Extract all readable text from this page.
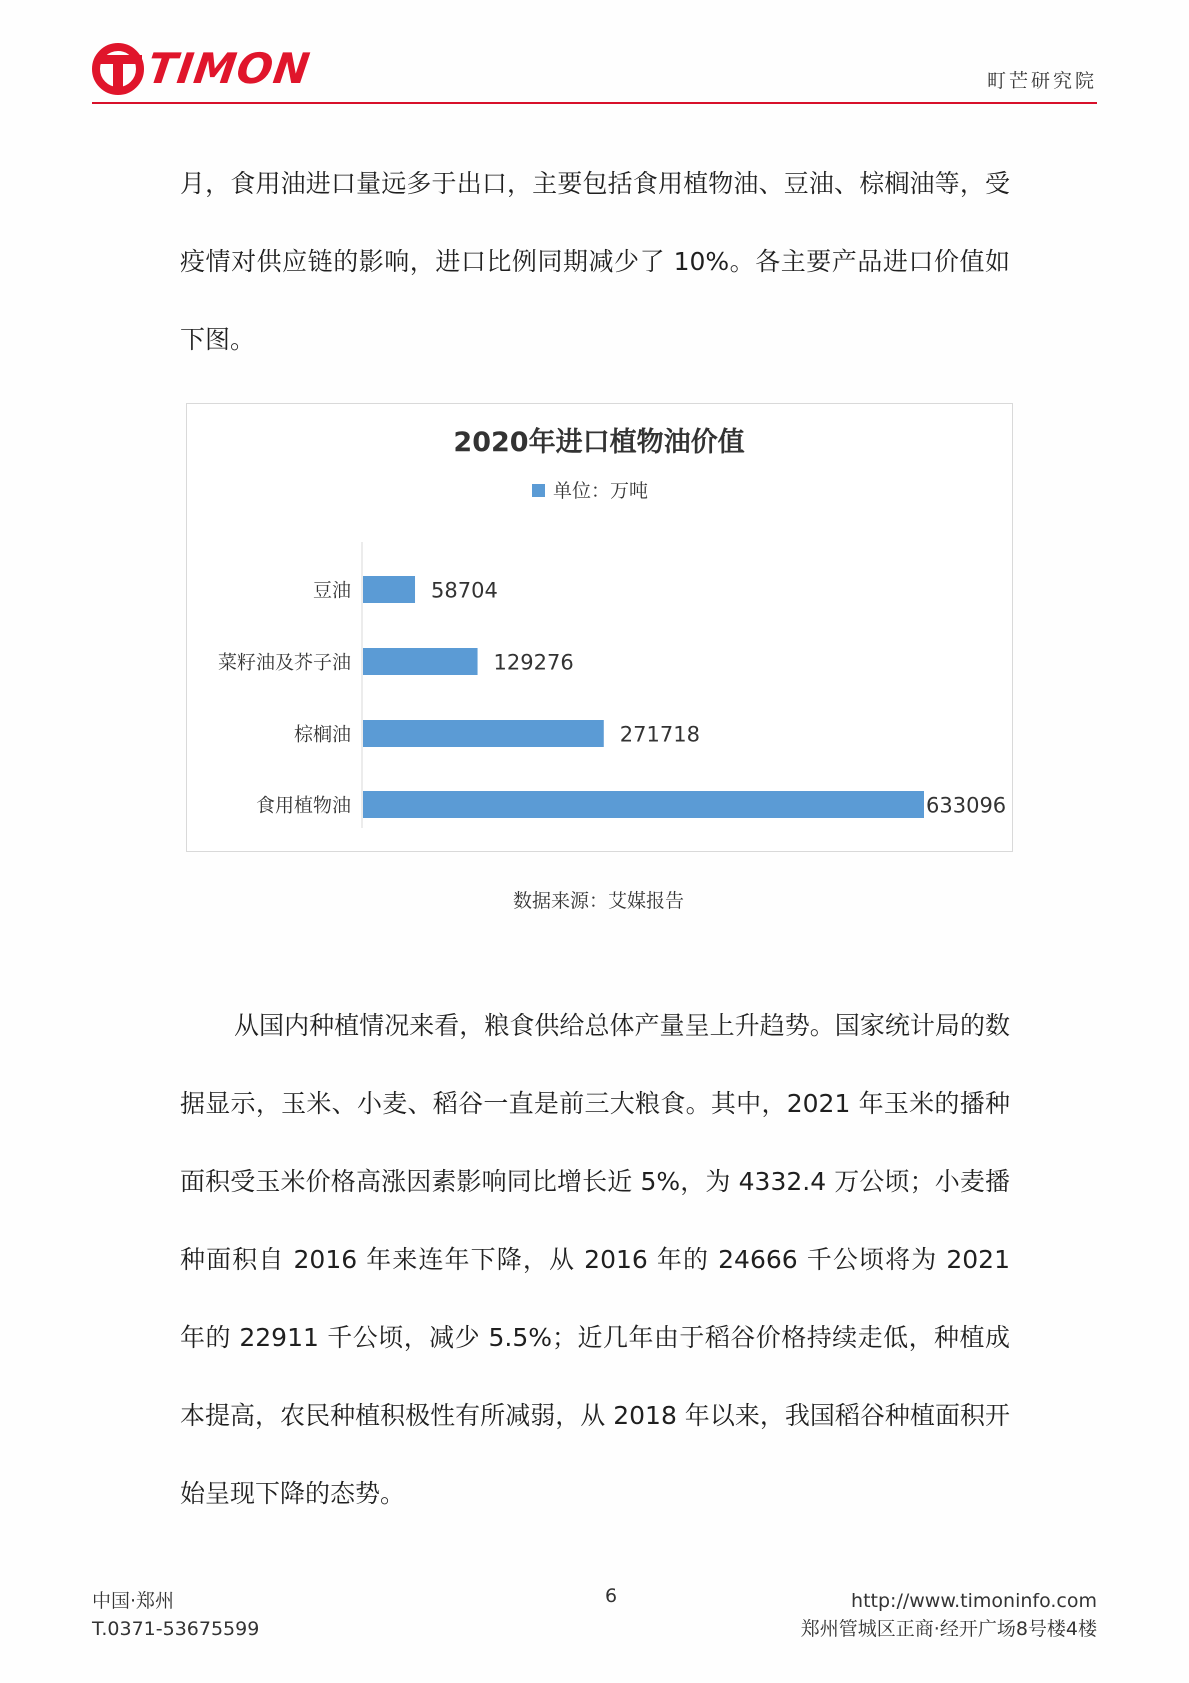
TIMON	町芒研究院
月，食用油进口量远多于出口，主要包括食用植物油、豆油、棕榈油等，受疫情对供应链的影响，进口比例同期减少了 10%。各主要产品进口价值如下图。
2020年进口植物油价值
单位：万吨
豆油	58704
菜籽油及芥子油	129276
棕榈油	271718
食用植物油	633096
数据来源：艾媒报告
从国内种植情况来看，粮食供给总体产量呈上升趋势。国家统计局的数据显示，玉米、小麦、稻谷一直是前三大粮食。其中，2021 年玉米的播种面积受玉米价格高涨因素影响同比增长近 5%，为 4332.4 万公顷；小麦播种面积自 2016 年来连年下降，从 2016 年的 24666 千公顷将为 2021 年的 22911 千公顷，减少 5.5%；近几年由于稻谷价格持续走低，种植成本提高，农民种植积极性有所减弱，从 2018 年以来，我国稻谷种植面积开始呈现下降的态势。
中国·郑州
T.0371-53675599
6	http://www.timoninfo.com
郑州管城区正商·经开广场8号楼4楼
